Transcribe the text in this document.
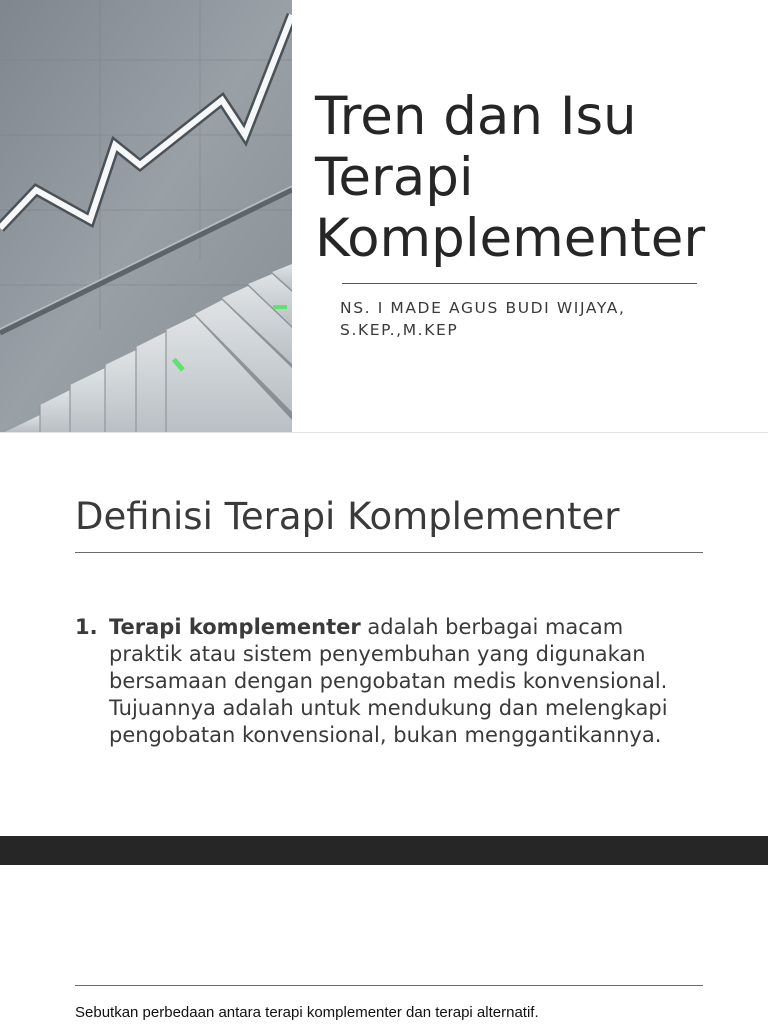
Tren dan Isu
Terapi
Komplementer
NS. I MADE AGUS BUDI WIJAYA,
S.KEP.,M.KEP
Definisi Terapi Komplementer
1. Terapi komplementer adalah berbagai macam praktik atau sistem penyembuhan yang digunakan bersamaan dengan pengobatan medis konvensional. Tujuannya adalah untuk mendukung dan melengkapi pengobatan konvensional, bukan menggantikannya.
Sebutkan perbedaan antara terapi komplementer dan terapi alternatif.
